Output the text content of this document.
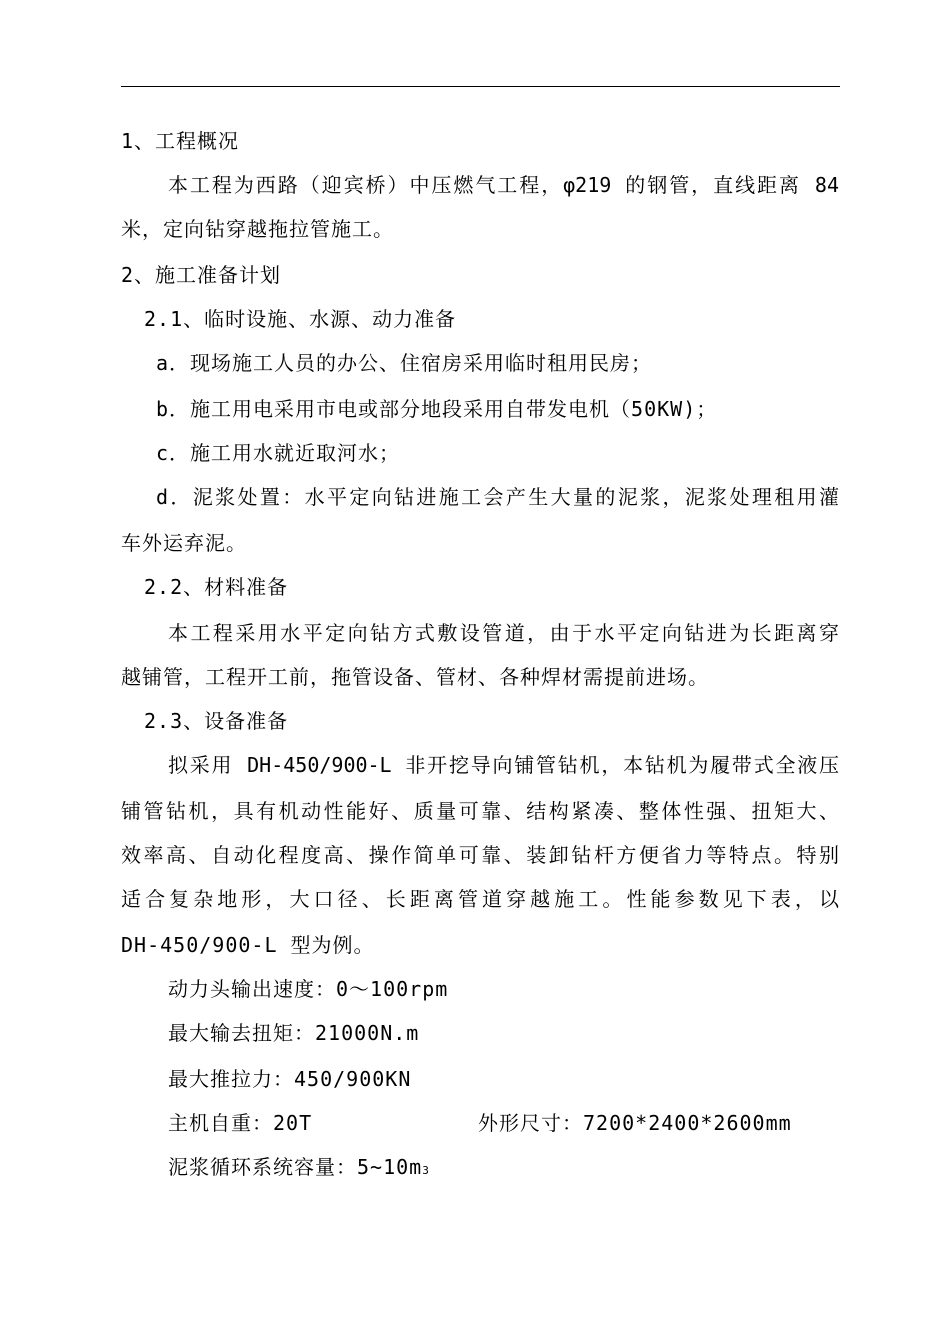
1、工程概况
本工程为西路（迎宾桥）中压燃气工程，φ219 的钢管，直线距离 84
米，定向钻穿越拖拉管施工。
2、施工准备计划
2.1、临时设施、水源、动力准备
a．现场施工人员的办公、住宿房采用临时租用民房；
b．施工用电采用市电或部分地段采用自带发电机（50KW)；
c．施工用水就近取河水；
d．泥浆处置：水平定向钻进施工会产生大量的泥浆，泥浆处理租用灌
车外运弃泥。
2.2、材料准备
本工程采用水平定向钻方式敷设管道，由于水平定向钻进为长距离穿
越铺管，工程开工前，拖管设备、管材、各种焊材需提前进场。
2.3、设备准备
拟采用 DH-450/900-L 非开挖导向铺管钻机，本钻机为履带式全液压
铺管钻机，具有机动性能好、质量可靠、结构紧凑、整体性强、扭矩大、
效率高、自动化程度高、操作简单可靠、装卸钻杆方便省力等特点。特别
适合复杂地形，大口径、长距离管道穿越施工。性能参数见下表，以
DH-450/900-L 型为例。
动力头输出速度：0～100rpm
最大输去扭矩：21000N.m
最大推拉力：450/900KN
主机自重：20T	外形尺寸：7200*2400*2600mm
泥浆循环系统容量：5~10m3
